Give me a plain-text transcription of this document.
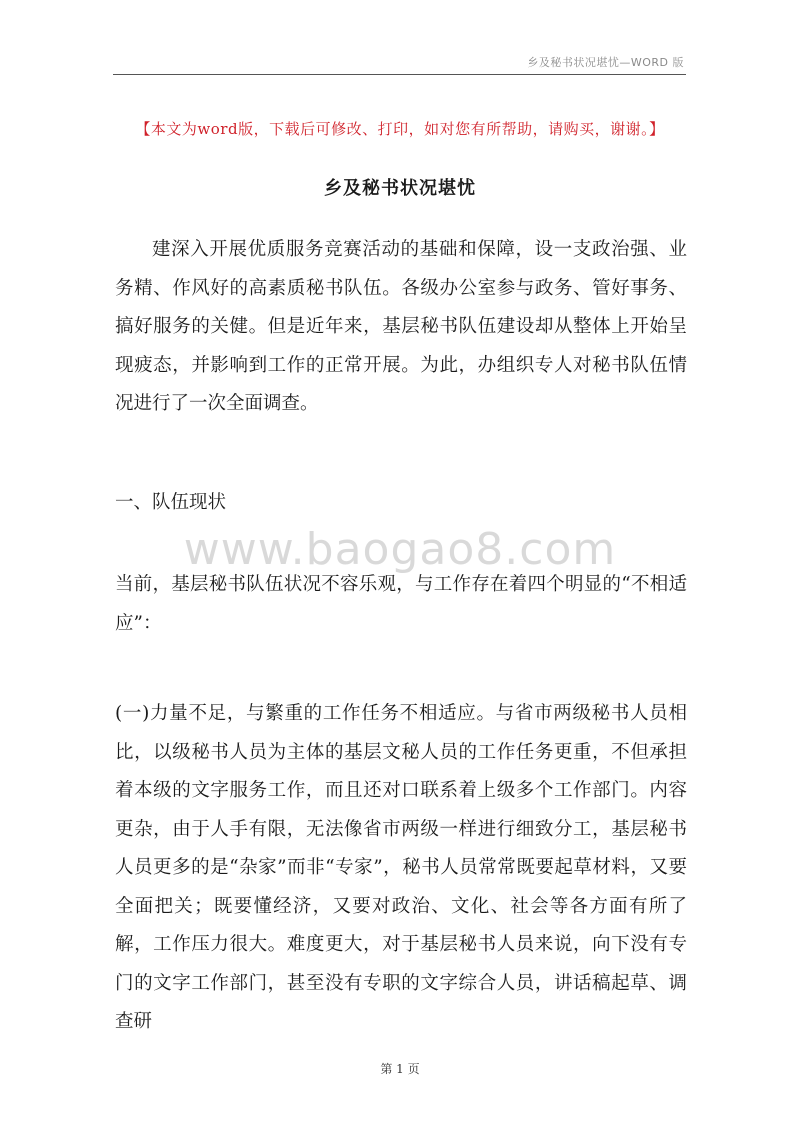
乡及秘书状况堪忧—WORD 版
【本文为word版，下载后可修改、打印，如对您有所帮助，请购买，谢谢。】
乡及秘书状况堪忧
建深入开展优质服务竞赛活动的基础和保障，设一支政治强、业务精、作风好的高素质秘书队伍。各级办公室参与政务、管好事务、搞好服务的关健。但是近年来，基层秘书队伍建设却从整体上开始呈现疲态，并影响到工作的正常开展。为此，办组织专人对秘书队伍情况进行了一次全面调查。
一、队伍现状
www.baogao8.com
当前，基层秘书队伍状况不容乐观，与工作存在着四个明显的“不相适应”：
(一)力量不足，与繁重的工作任务不相适应。与省市两级秘书人员相比，以级秘书人员为主体的基层文秘人员的工作任务更重，不但承担着本级的文字服务工作，而且还对口联系着上级多个工作部门。内容更杂，由于人手有限，无法像省市两级一样进行细致分工，基层秘书人员更多的是“杂家”而非“专家”，秘书人员常常既要起草材料，又要全面把关；既要懂经济，又要对政治、文化、社会等各方面有所了解，工作压力很大。难度更大，对于基层秘书人员来说，向下没有专门的文字工作部门，甚至没有专职的文字综合人员，讲话稿起草、调查研
第 1 页
